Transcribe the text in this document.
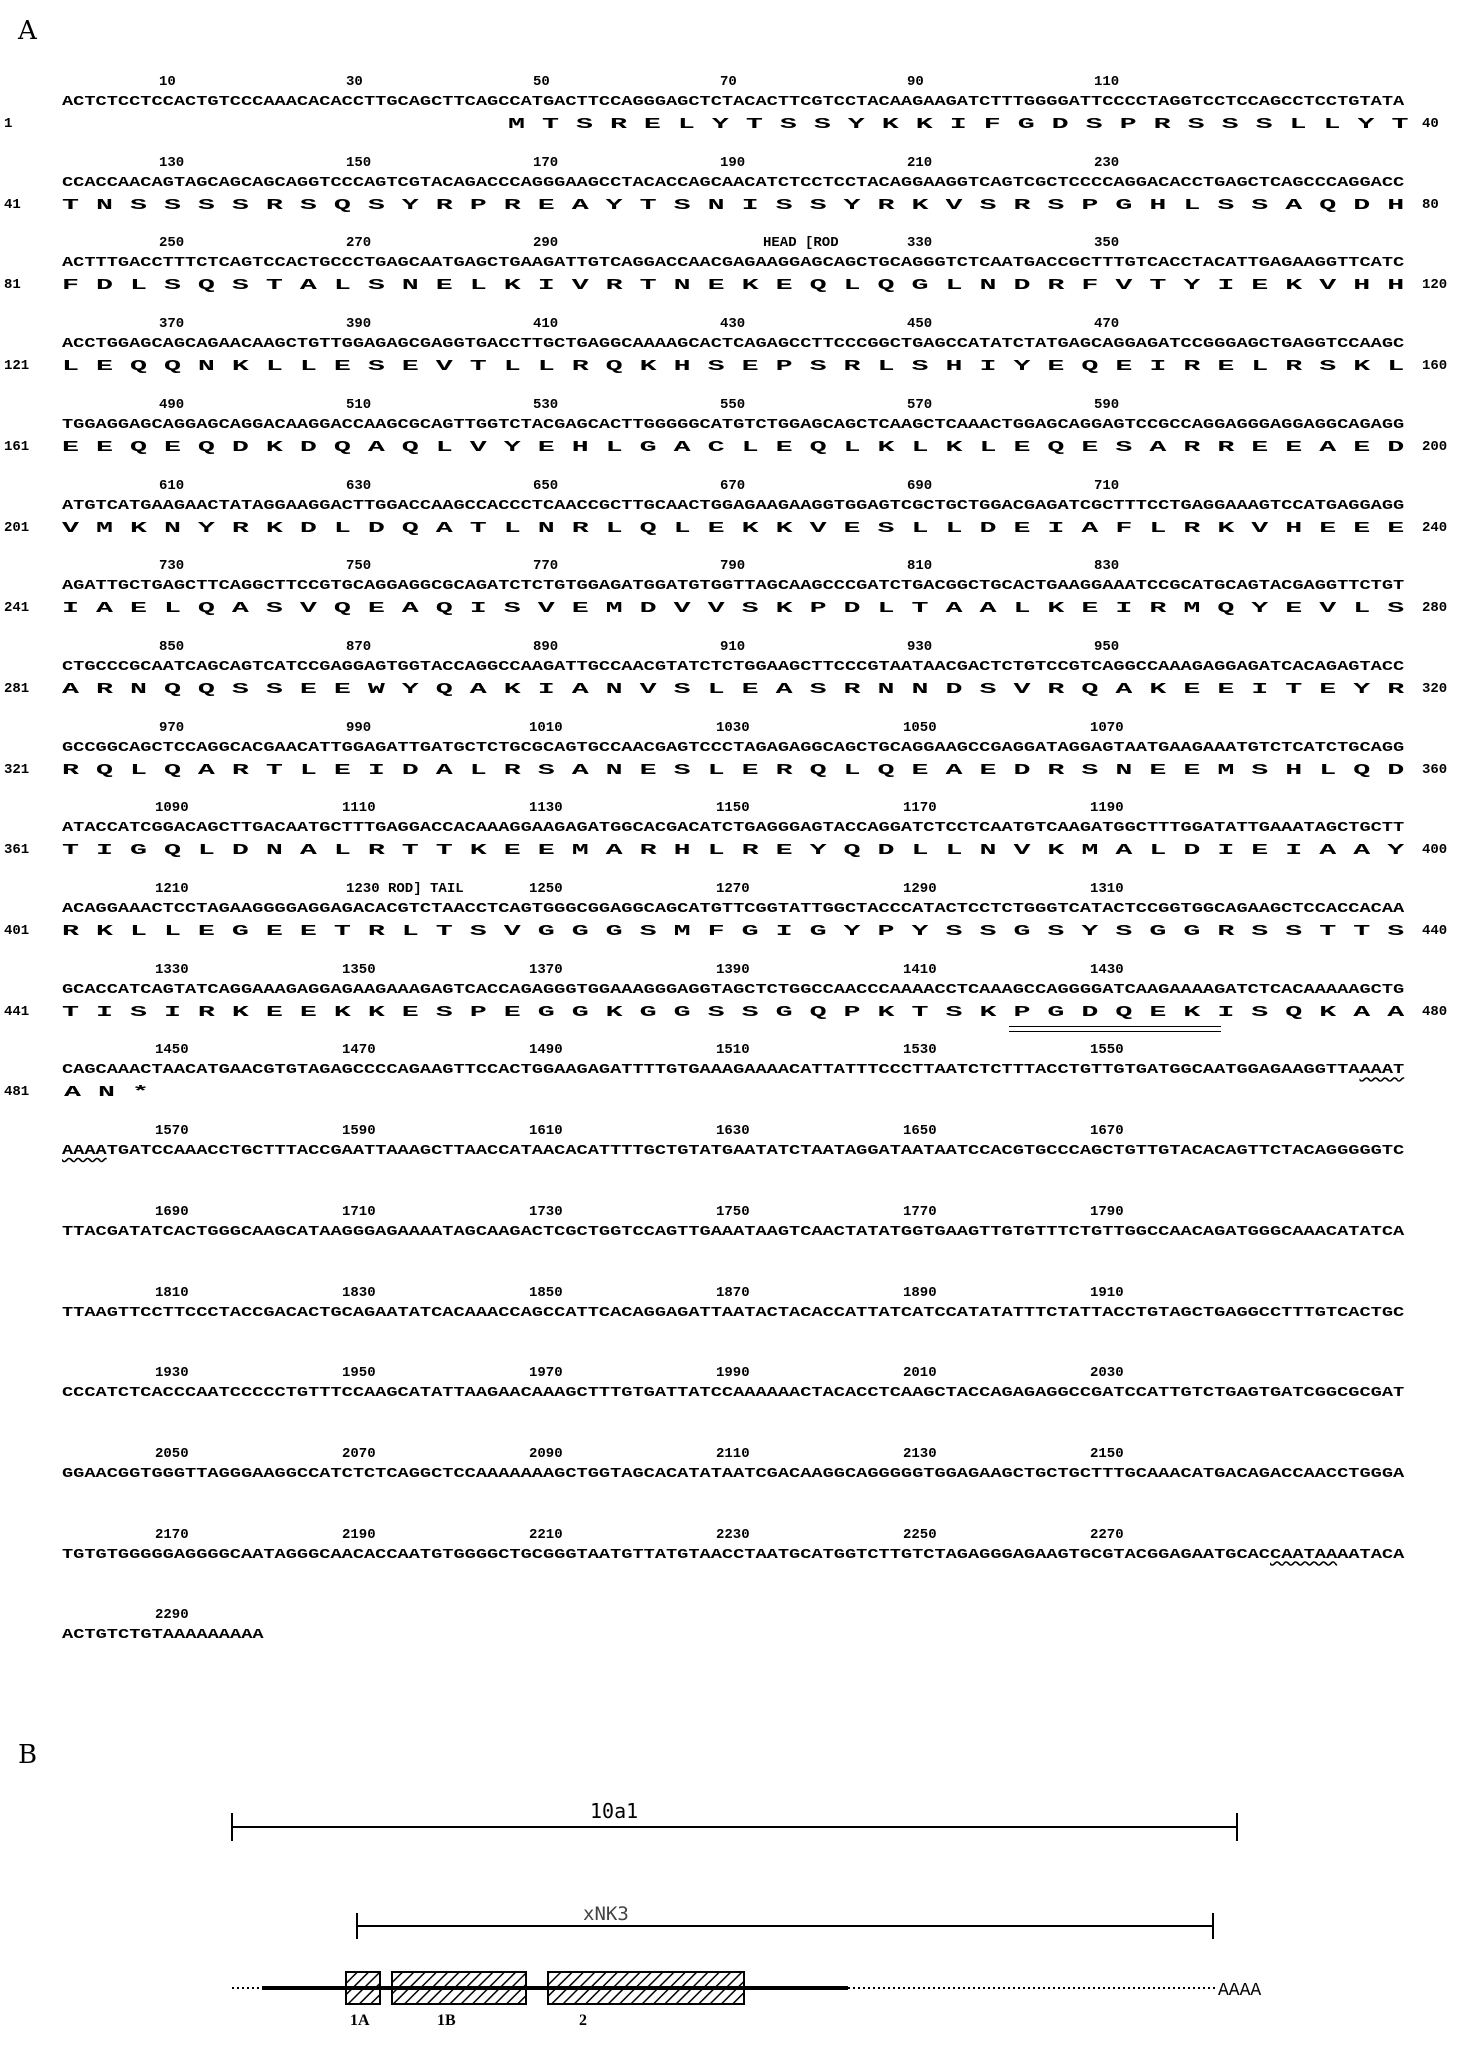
A
10	30	50	70	90	110
ACTCTCCTCCACTGTCCCAAACACACCTTGCAGCTTCAGCCATGACTTCCAGGGAGCTCTACACTTCGTCCTACAAGAAGATCTTTGGGGATTCCCCTAGGTCCTCCAGCCTCCTGTATA
1	M T S R E L Y T S S Y K K I F G D S P R S S S L L Y T 40
130	150	170	190	210	230
CCACCAACAGTAGCAGCAGCAGGTCCCAGTCGTACAGACCCAGGGAAGCCTACACCAGCAACATCTCCTCCTACAGGAAGGTCAGTCGCTCCCCAGGACACCTGAGCTCAGCCCAGGACC
41	T N S S S S R S Q S Y R P R E A Y T S N I S S Y R K V S R S P G H L S S A Q D H 80
250	270	290	330	350
HEAD [ROD
ACTTTGACCTTTCTCAGTCCACTGCCCTGAGCAATGAGCTGAAGATTGTCAGGACCAACGAGAAGGAGCAGCTGCAGGGTCTCAATGACCGCTTTGTCACCTACATTGAGAAGGTTCATC
81	F D L S Q S T A L S N E L K I V R T N E K E Q L Q G L N D R F V T Y I E K V H H 120
370	390	410	430	450	470
ACCTGGAGCAGCAGAACAAGCTGTTGGAGAGCGAGGTGACCTTGCTGAGGCAAAAGCACTCAGAGCCTTCCCGGCTGAGCCATATCTATGAGCAGGAGATCCGGGAGCTGAGGTCCAAGC
121 L E Q Q N K L L E S E V T L L R Q K H S E P S R L S H I Y E Q E I R E L R S K L 160
490	510	530	550	570	590
TGGAGGAGCAGGAGCAGGACAAGGACCAAGCGCAGTTGGTCTACGAGCACTTGGGGGCATGTCTGGAGCAGCTCAAGCTCAAACTGGAGCAGGAGTCCGCCAGGAGGGAGGAGGCAGAGG
161 E E Q E Q D K D Q A Q L V Y E H L G A C L E Q L K L K L E Q E S A R R E E A E D 200
610	630	650	670	690	710
ATGTCATGAAGAACTATAGGAAGGACTTGGACCAAGCCACCCTCAACCGCTTGCAACTGGAGAAGAAGGTGGAGTCGCTGCTGGACGAGATCGCTTTCCTGAGGAAAGTCCATGAGGAGG
201 V M K N Y R K D L D Q A T L N R L Q L E K K V E S L L D E I A F L R K V H E E E 240
730	750	770	790	810	830
AGATTGCTGAGCTTCAGGCTTCCGTGCAGGAGGCGCAGATCTCTGTGGAGATGGATGTGGTTAGCAAGCCCGATCTGACGGCTGCACTGAAGGAAATCCGCATGCAGTACGAGGTTCTGT
241 I A E L Q A S V Q E A Q I S V E M D V V S K P D L T A A L K E I R M Q Y E V L S 280
850	870	890	910	930	950
CTGCCCGCAATCAGCAGTCATCCGAGGAGTGGTACCAGGCCAAGATTGCCAACGTATCTCTGGAAGCTTCCCGTAATAACGACTCTGTCCGTCAGGCCAAAGAGGAGATCACAGAGTACC
281 A R N Q Q S S E E W Y Q A K I A N V S L E A S R N N D S V R Q A K E E I T E Y R 320
970	990	1010	1030	1050	1070
GCCGGCAGCTCCAGGCACGAACATTGGAGATTGATGCTCTGCGCAGTGCCAACGAGTCCCTAGAGAGGCAGCTGCAGGAAGCCGAGGATAGGAGTAATGAAGAAATGTCTCATCTGCAGG
321 R Q L Q A R T L E I D A L R S A N E S L E R Q L Q E A E D R S N E E M S H L Q D 360
1090	1110	1130	1150	1170	1190
ATACCATCGGACAGCTTGACAATGCTTTGAGGACCACAAAGGAAGAGATGGCACGACATCTGAGGGAGTACCAGGATCTCCTCAATGTCAAGATGGCTTTGGATATTGAAATAGCTGCTT
361 T I G Q L D N A L R T T K E E M A R H L R E Y Q D L L N V K M A L D I E I A A Y 400
1210	1250	1270	1290	1310
1230 ROD] TAIL
ACAGGAAACTCCTAGAAGGGGAGGAGACACGTCTAACCTCAGTGGGCGGAGGCAGCATGTTCGGTATTGGCTACCCATACTCCTCTGGGTCATACTCCGGTGGCAGAAGCTCCACCACAA
401 R K L L E G E E T R L T S V G G G S M F G I G Y P Y S S G S Y S G G R S S T T S 440
1330	1350	1370	1390	1410	1430
GCACCATCAGTATCAGGAAAGAGGAGAAGAAAGAGTCACCAGAGGGTGGAAAGGGAGGTAGCTCTGGCCAACCCAAAACCTCAAAGCCAGGGGATCAAGAAAAGATCTCACAAAAAGCTG
441 T I S I R K E E K K E S P E G G K G G S S G Q P K T S K P G D Q E K I S Q K A A 480
1450	1470	1490	1510	1530	1550
CAGCAAACTAACATGAACGTGTAGAGCCCCAGAAGTTCCACTGGAAGAGATTTTGTGAAAGAAAACATTATTTCCCTTAATCTCTTTACCTGTTGTGATGGCAATGGAGAAGGTTAAAAT
481 A N *
1570	1590	1610	1630	1650	1670
AAAATGATCCAAACCTGCTTTACCGAATTAAAGCTTAACCATAACACATTTTGCTGTATGAATATCTAATAGGATAATAATCCACGTGCCCAGCTGTTGTACACAGTTCTACAGGGGGTC
1690	1710	1730	1750	1770	1790
TTACGATATCACTGGGCAAGCATAAGGGAGAAAATAGCAAGACTCGCTGGTCCAGTTGAAATAAGTCAACTATATGGTGAAGTTGTGTTTCTGTTGGCCAACAGATGGGCAAACATATCA
1810	1830	1850	1870	1890	1910
TTAAGTTCCTTCCCTACCGACACTGCAGAATATCACAAACCAGCCATTCACAGGAGATTAATACTACACCATTATCATCCATATATTTCTATTACCTGTAGCTGAGGCCTTTGTCACTGC
1930	1950	1970	1990	2010	2030
CCCATCTCACCCAATCCCCCTGTTTCCAAGCATATTAAGAACAAAGCTTTGTGATTATCCAAAAAACTACACCTCAAGCTACCAGAGAGGCCGATCCATTGTCTGAGTGATCGGCGCGAT
2050	2070	2090	2110	2130	2150
GGAACGGTGGGTTAGGGAAGGCCATCTCTCAGGCTCCAAAAAAAGCTGGTAGCACATATAATCGACAAGGCAGGGGGTGGAGAAGCTGCTGCTTTGCAAACATGACAGACCAACCTGGGA
2170	2190	2210	2230	2250	2270
TGTGTGGGGGAGGGGCAATAGGGCAACACCAATGTGGGGCTGCGGGTAATGTTATGTAACCTAATGCATGGTCTTGTCTAGAGGGAGAAGTGCGTACGGAGAATGCACCAATAAAATACA
2290
ACTGTCTGTAAAAAAAAA
B
10a1
xNK3
AAAA
1A	1B	2
